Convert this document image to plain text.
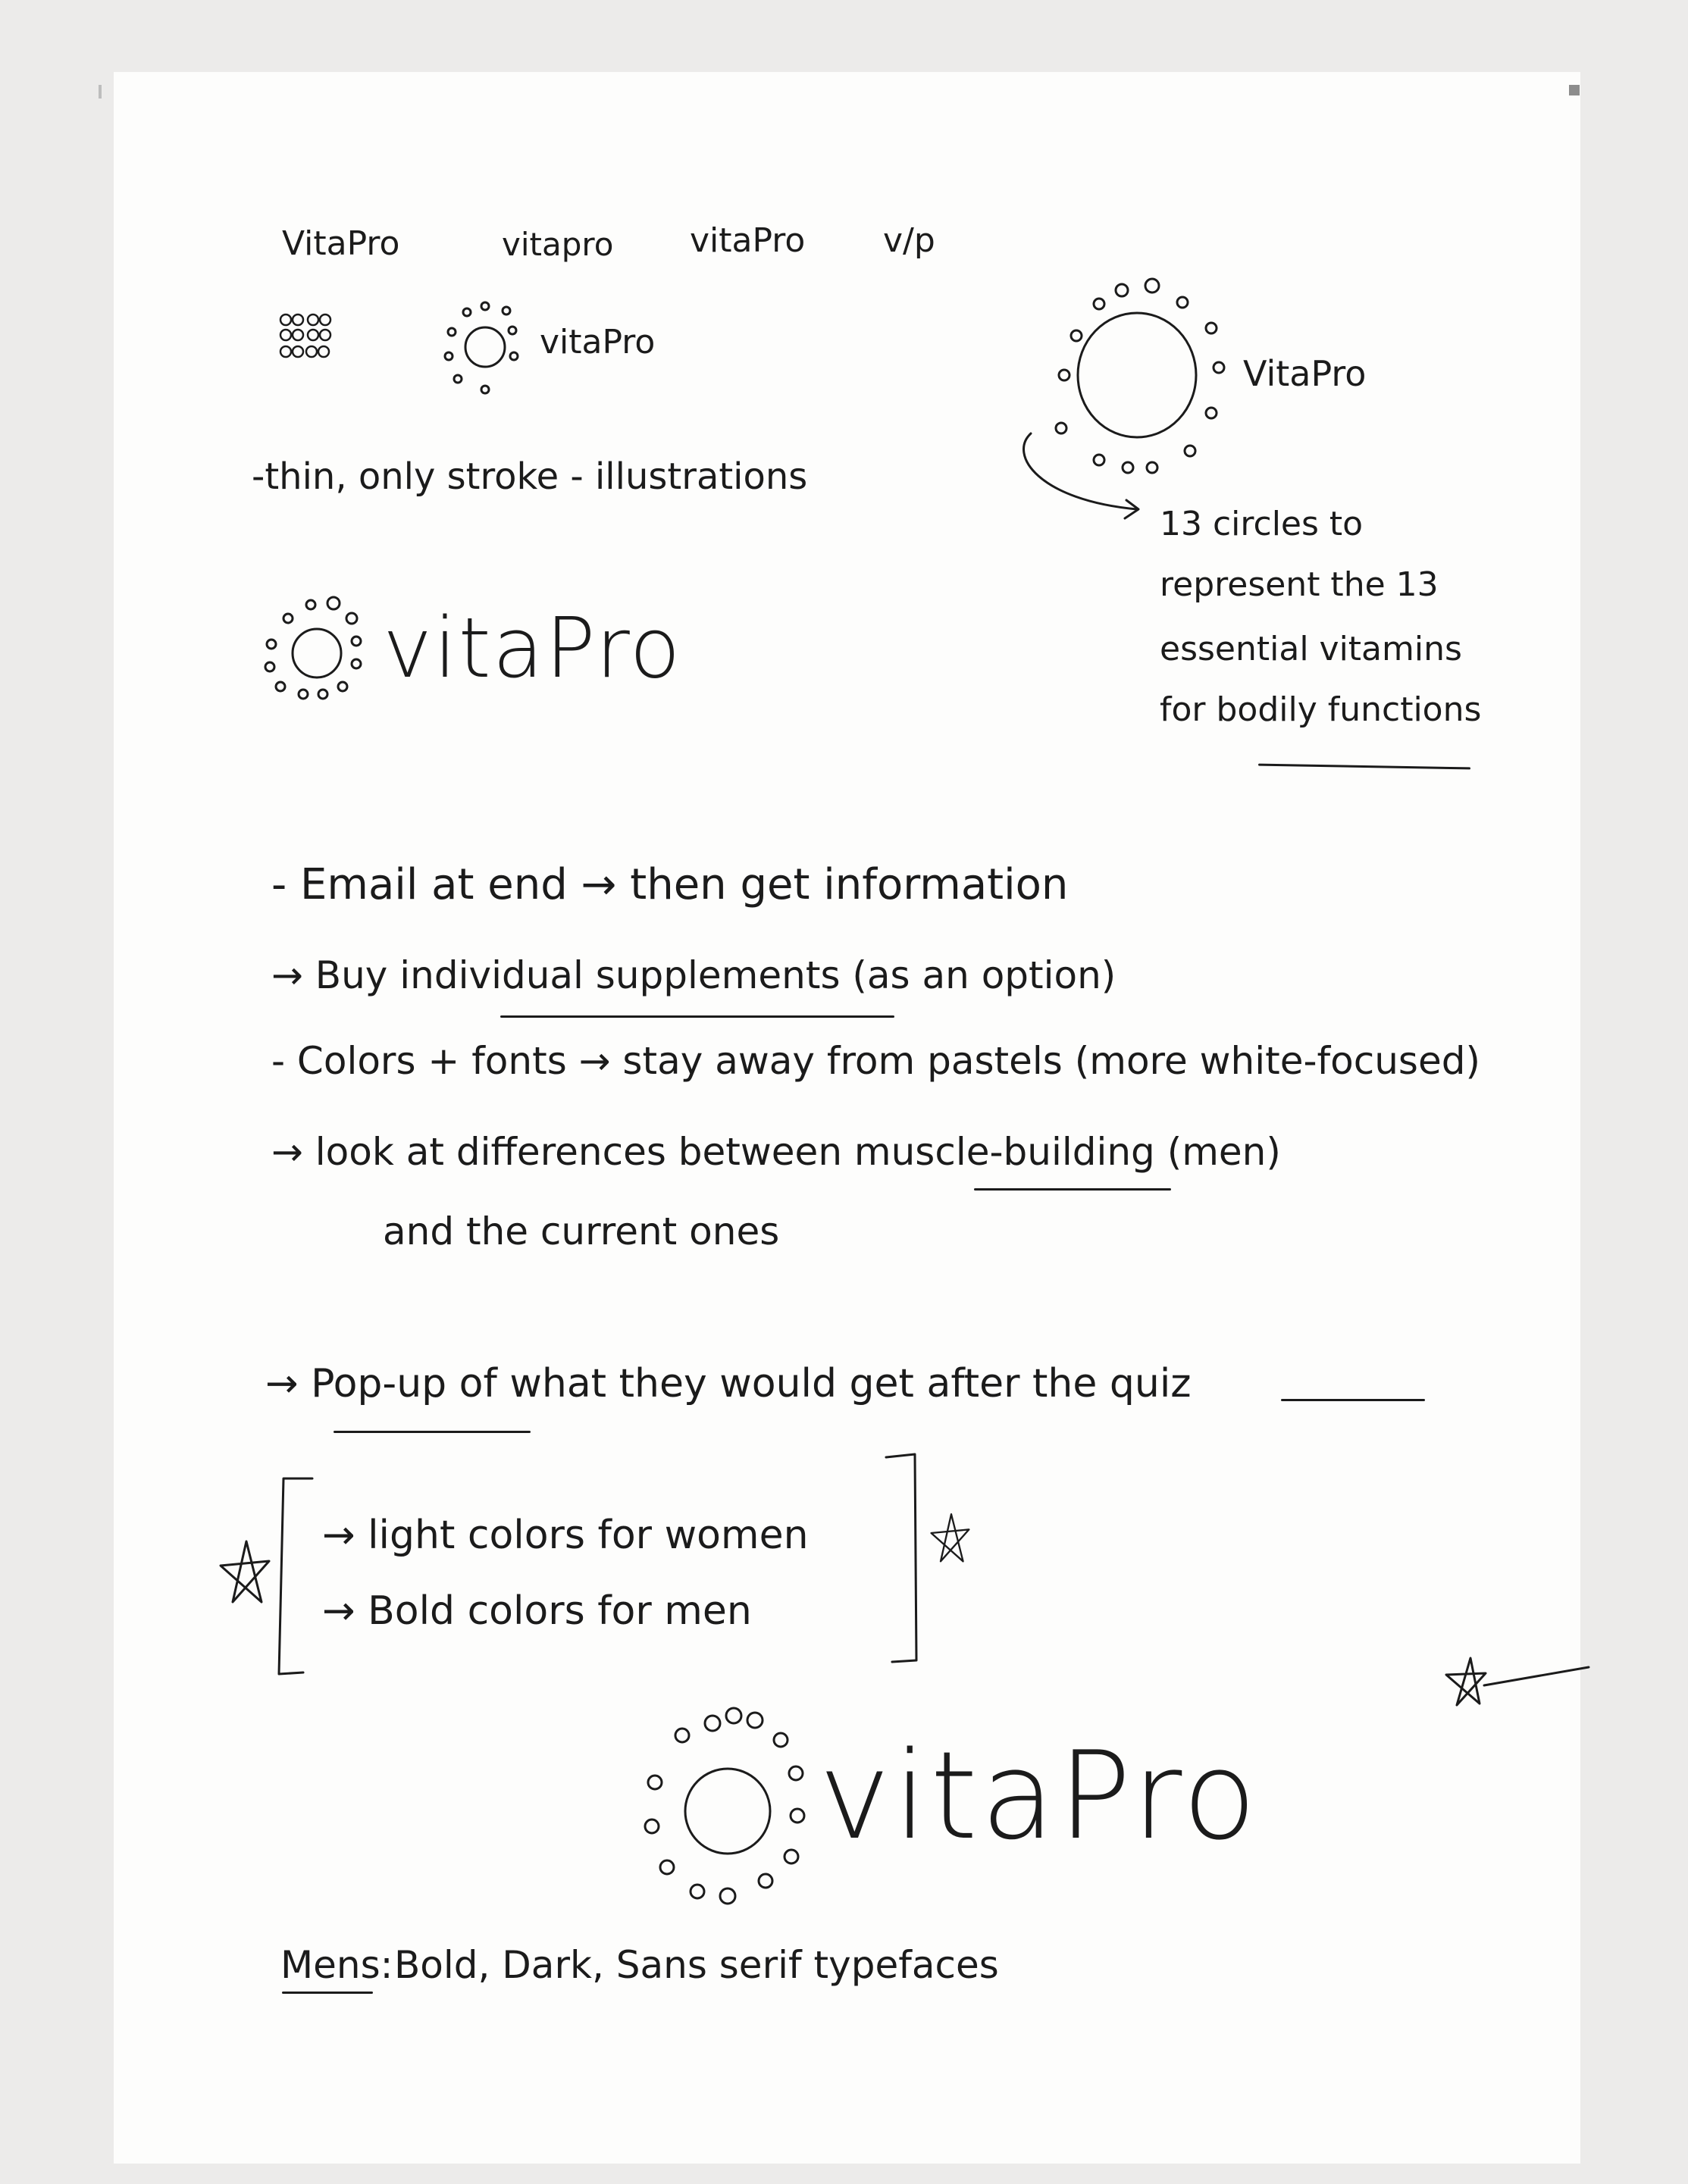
VitaPro	vitapro vitaPro v/p
vitaPro
-thin, only stroke - illustrations
vitaPro
VitaPro
13 circles to
represent the 13
essential vitamins
for bodily functions
- Email at end → then get information
→ Buy individual supplements (as an option)
- Colors + fonts → stay away from pastels (more white-focused)
→ look at differences between muscle-building (men)
and the current ones
→ Pop-up of what they would get after the quiz
→ light colors for women
→ Bold colors for men
vitaPro
Mens: Bold, Dark, Sans serif typefaces
